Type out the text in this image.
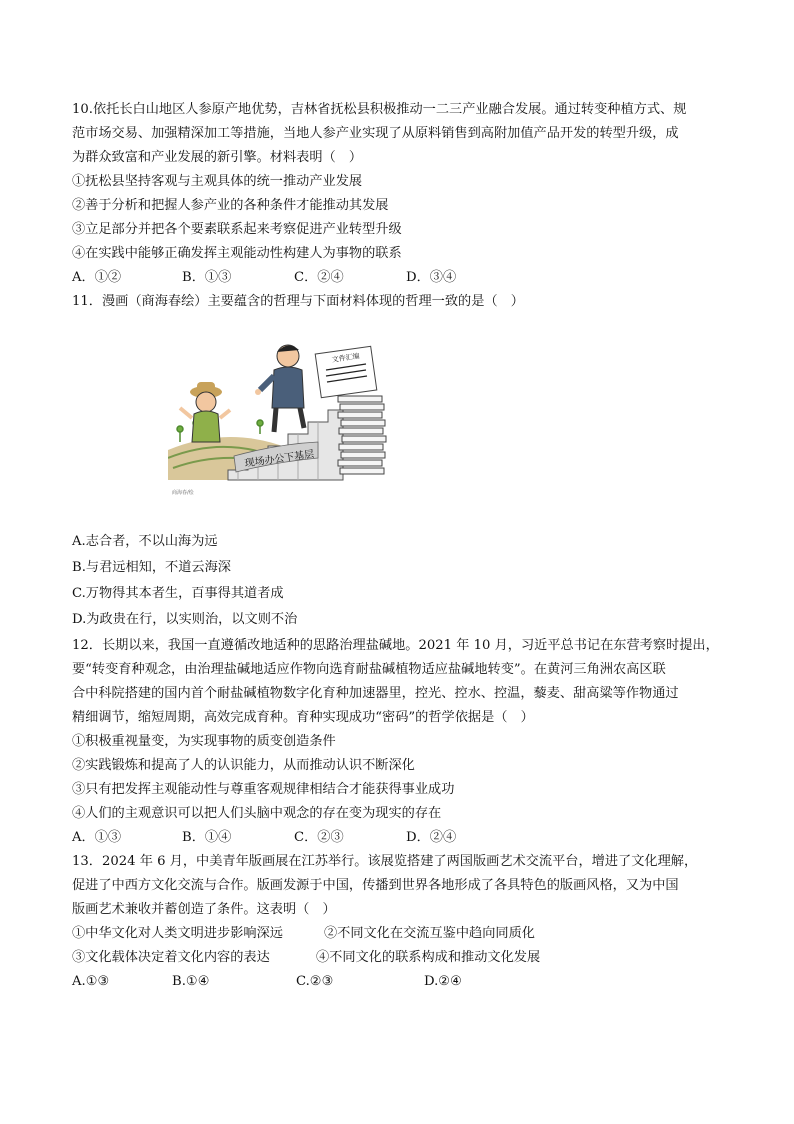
10.依托长白山地区人参原产地优势，吉林省抚松县积极推动一二三产业融合发展。通过转变种植方式、规
范市场交易、加强精深加工等措施，当地人参产业实现了从原料销售到高附加值产品开发的转型升级，成
为群众致富和产业发展的新引擎。材料表明（　）
①抚松县坚持客观与主观具体的统一推动产业发展
②善于分析和把握人参产业的各种条件才能推动其发展
③立足部分并把各个要素联系起来考察促进产业转型升级
④在实践中能够正确发挥主观能动性构建人为事物的联系
A．①②	B．①③	C．②④	D．③④
11．漫画（商海春绘）主要蕴含的哲理与下面材料体现的哲理一致的是（　）
文件汇编
现场办公下基层
商海春/绘
A.志合者，不以山海为远
B.与君远相知，不道云海深
C.万物得其本者生，百事得其道者成
D.为政贵在行，以实则治，以文则不治
12．长期以来，我国一直遵循改地适种的思路治理盐碱地。2021 年 10 月，习近平总书记在东营考察时提出，
要“转变育种观念，由治理盐碱地适应作物向选育耐盐碱植物适应盐碱地转变”。在黄河三角洲农高区联
合中科院搭建的国内首个耐盐碱植物数字化育种加速器里，控光、控水、控温，藜麦、甜高粱等作物通过
精细调节，缩短周期，高效完成育种。育种实现成功“密码”的哲学依据是（　）
①积极重视量变，为实现事物的质变创造条件
②实践锻炼和提高了人的认识能力，从而推动认识不断深化
③只有把发挥主观能动性与尊重客观规律相结合才能获得事业成功
④人们的主观意识可以把人们头脑中观念的存在变为现实的存在
A．①③	B．①④	C．②③	D．②④
13．2024 年 6 月，中美青年版画展在江苏举行。该展览搭建了两国版画艺术交流平台，增进了文化理解，
促进了中西方文化交流与合作。版画发源于中国，传播到世界各地形成了各具特色的版画风格，又为中国
版画艺术兼收并蓄创造了条件。这表明（　）
①中华文化对人类文明进步影响深远	②不同文化在交流互鉴中趋向同质化
③文化载体决定着文化内容的表达	④不同文化的联系构成和推动文化发展
A.①③	B.①④	C.②③	D.②④
